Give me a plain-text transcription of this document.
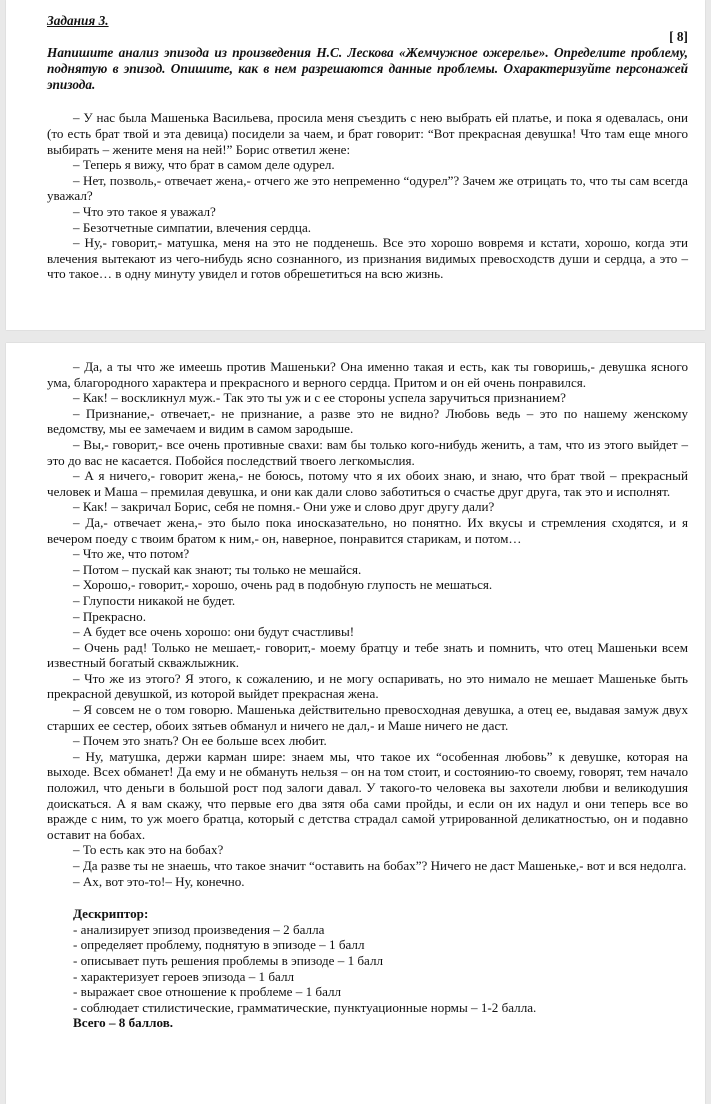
Задания 3.

[ 8]

Напишите анализ эпизода из произведения Н.С. Лескова «Жемчужное ожерелье». Определите проблему, поднятую в эпизод. Опишите, как в нем разрешаются данные проблемы. Охарактеризуйте персонажей эпизода.

– У нас была Машенька Васильева, просила меня съездить с нею выбрать ей платье, и пока я одевалась, они (то есть брат твой и эта девица) посидели за чаем, и брат говорит: “Вот прекрасная девушка! Что там еще много выбирать – жените меня на ней!” Борис ответил жене:

– Теперь я вижу, что брат в самом деле одурел.

– Нет, позволь,- отвечает жена,- отчего же это непременно “одурел”? Зачем же отрицать то, что ты сам всегда уважал?

– Что это такое я уважал?

– Безотчетные симпатии, влечения сердца.

– Ну,- говорит,- матушка, меня на это не подденешь. Все это хорошо вовремя и кстати, хорошо, когда эти влечения вытекают из чего-нибудь ясно сознанного, из признания видимых превосходств души и сердца, а это – что такое… в одну минуту увидел и готов обрешетиться на всю жизнь.

– Да, а ты что же имеешь против Машеньки? Она именно такая и есть, как ты говоришь,- девушка ясного ума, благородного характера и прекрасного и верного сердца. Притом и он ей очень понравился.

– Как! – воскликнул муж.- Так это ты уж и с ее стороны успела заручиться признанием?

– Признание,- отвечает,- не признание, а разве это не видно? Любовь ведь – это по нашему женскому ведомству, мы ее замечаем и видим в самом зародыше.

– Вы,- говорит,- все очень противные свахи: вам бы только кого-нибудь женить, а там, что из этого выйдет – это до вас не касается. Побойся последствий твоего легкомыслия.

– А я ничего,- говорит жена,- не боюсь, потому что я их обоих знаю, и знаю, что брат твой – прекрасный человек и Маша – премилая девушка, и они как дали слово заботиться о счастье друг друга, так это и исполнят.

– Как! – закричал Борис, себя не помня.- Они уже и слово друг другу дали?

– Да,- отвечает жена,- это было пока иносказательно, но понятно. Их вкусы и стремления сходятся, и я вечером поеду с твоим братом к ним,- он, наверное, понравится старикам, и потом…

– Что же, что потом?

– Потом – пускай как знают; ты только не мешайся.

– Хорошо,- говорит,- хорошо, очень рад в подобную глупость не мешаться.

– Глупости никакой не будет.

– Прекрасно.

– А будет все очень хорошо: они будут счастливы!

– Очень рад! Только не мешает,- говорит,- моему братцу и тебе знать и помнить, что отец Машеньки всем известный богатый скважлыжник.

– Что же из этого? Я этого, к сожалению, и не могу оспаривать, но это нимало не мешает Машеньке быть прекрасной девушкой, из которой выйдет прекрасная жена.

– Я совсем не о том говорю. Машенька действительно превосходная девушка, а отец ее, выдавая замуж двух старших ее сестер, обоих зятьев обманул и ничего не дал,- и Маше ничего не даст.

– Почем это знать? Он ее больше всех любит.

– Ну, матушка, держи карман шире: знаем мы, что такое их “особенная любовь” к девушке, которая на выходе. Всех обманет! Да ему и не обмануть нельзя – он на том стоит, и состоянию-то своему, говорят, тем начало положил, что деньги в большой рост под залоги давал. У такого-то человека вы захотели любви и великодушия доискаться. А я вам скажу, что первые его два зятя оба сами пройды, и если он их надул и они теперь все во вражде с ним, то уж моего братца, который с детства страдал самой утрированной деликатностью, он и подавно оставит на бобах.

– То есть как это на бобах?

– Да разве ты не знаешь, что такое значит “оставить на бобах”? Ничего не даст Машеньке,- вот и вся недолга.

– Ах, вот это-то!– Ну, конечно.

Дескриптор:

- анализирует эпизод произведения – 2 балла

- определяет проблему, поднятую в эпизоде – 1 балл

- описывает путь решения проблемы в эпизоде – 1 балл

- характеризует героев эпизода – 1 балл

- выражает свое отношение к проблеме – 1 балл

- соблюдает стилистические, грамматические, пунктуационные нормы – 1-2 балла.

Всего – 8 баллов.
